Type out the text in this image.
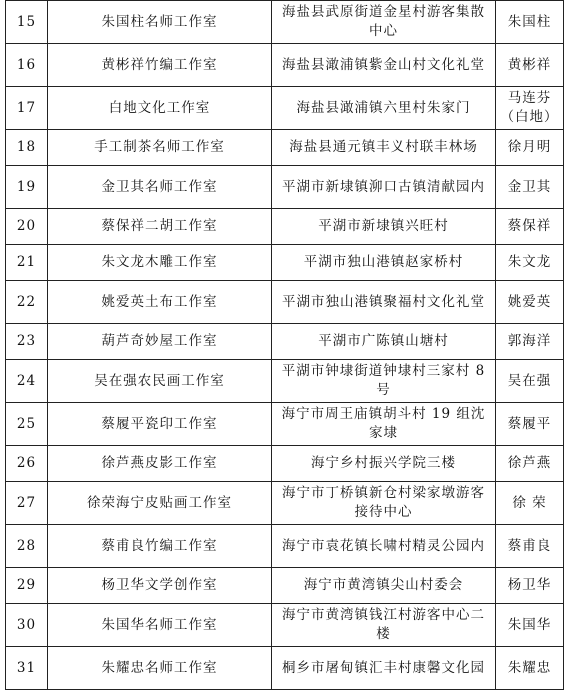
15	朱国柱名师工作室	海盐县武原街道金星村游客集散中心	朱国柱
16	黄彬祥竹编工作室	海盐县澉浦镇紫金山村文化礼堂	黄彬祥
17	白地文化工作室	海盐县澉浦镇六里村朱家门	马连芬（白地）
18	手工制茶名师工作室	海盐县通元镇丰义村联丰林场	徐月明
19	金卫其名师工作室	平湖市新埭镇泖口古镇清献园内	金卫其
20	蔡保祥二胡工作室	平湖市新埭镇兴旺村	蔡保祥
21	朱文龙木雕工作室	平湖市独山港镇赵家桥村	朱文龙
22	姚爱英土布工作室	平湖市独山港镇聚福村文化礼堂	姚爱英
23	葫芦奇妙屋工作室	平湖市广陈镇山塘村	郭海洋
24	吴在强农民画工作室	平湖市钟埭街道钟埭村三家村 8 号	吴在强
25	蔡履平瓷印工作室	海宁市周王庙镇胡斗村 19 组沈家埭	蔡履平
26	徐芦燕皮影工作室	海宁乡村振兴学院三楼	徐芦燕
27	徐荣海宁皮贴画工作室	海宁市丁桥镇新仓村梁家墩游客接待中心	徐 荣
28	蔡甫良竹编工作室	海宁市袁花镇长啸村精灵公园内	蔡甫良
29	杨卫华文学创作室	海宁市黄湾镇尖山村委会	杨卫华
30	朱国华名师工作室	海宁市黄湾镇钱江村游客中心二楼	朱国华
31	朱耀忠名师工作室	桐乡市屠甸镇汇丰村康馨文化园	朱耀忠
